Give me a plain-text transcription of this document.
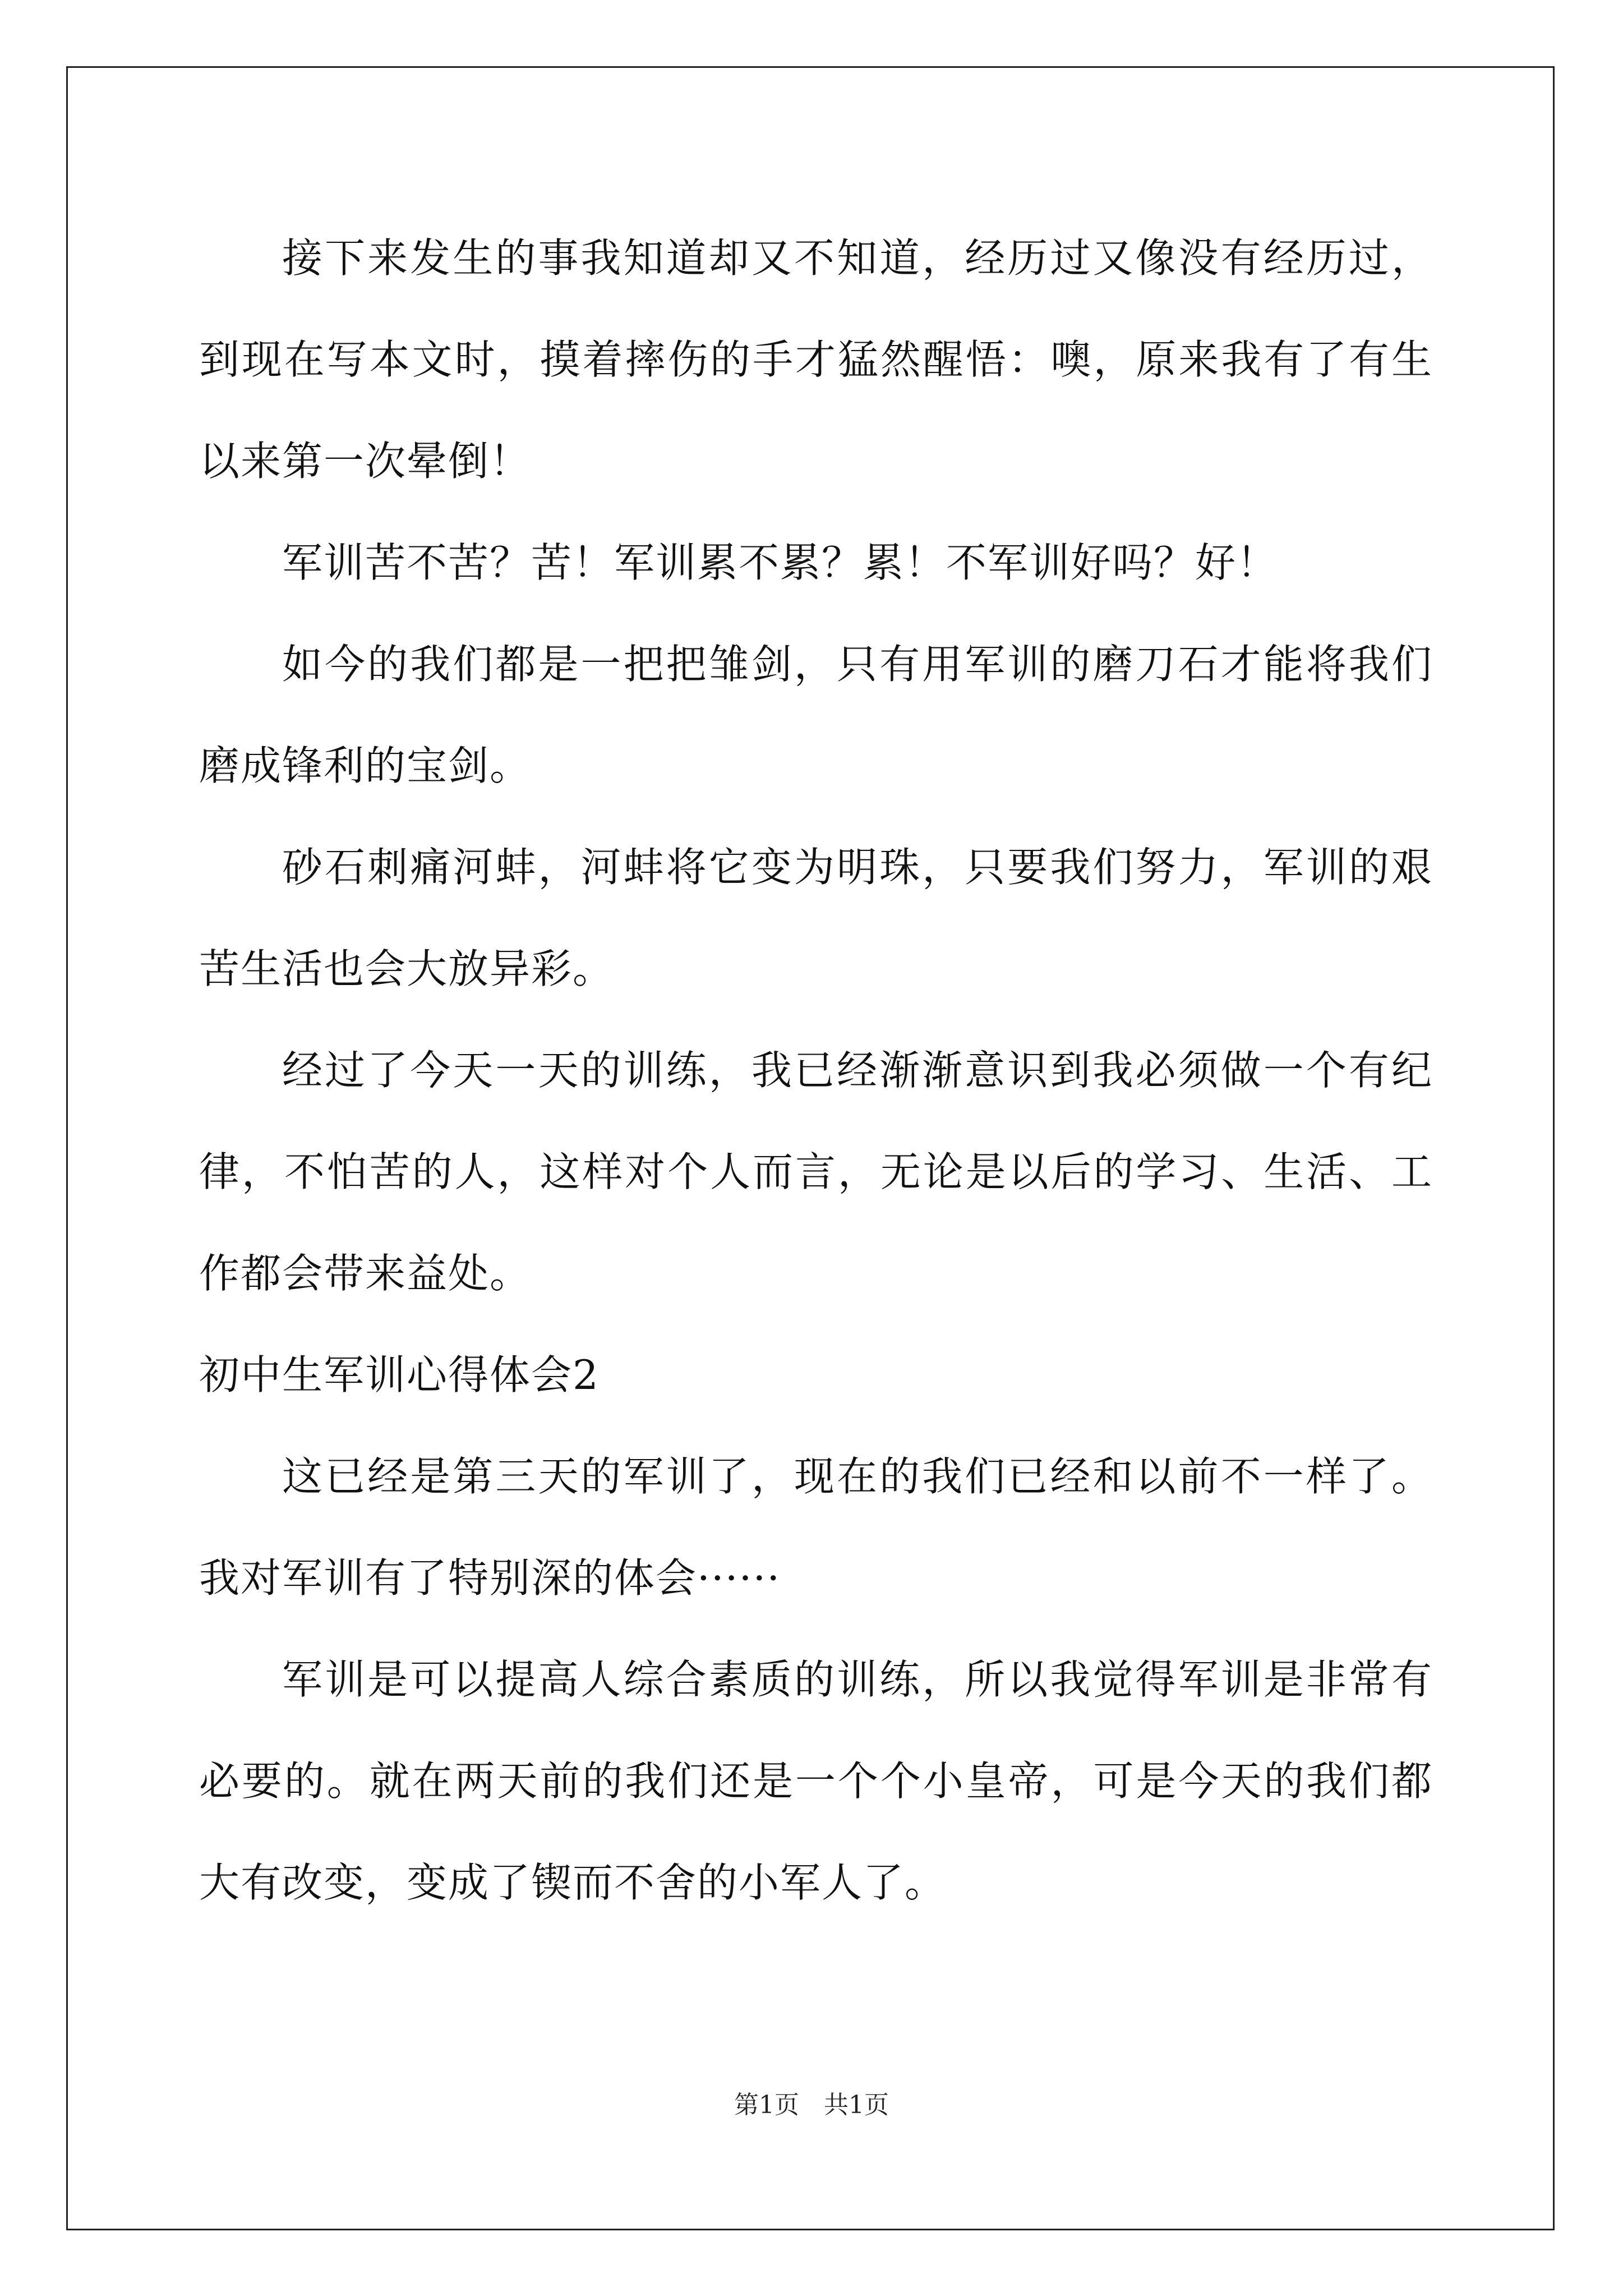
接下来发生的事我知道却又不知道，经历过又像没有经历过，到现在写本文时，摸着摔伤的手才猛然醒悟：噢，原来我有了有生以来第一次晕倒！

军训苦不苦？苦！军训累不累？累！不军训好吗？好！

如今的我们都是一把把雏剑，只有用军训的磨刀石才能将我们磨成锋利的宝剑。

砂石刺痛河蚌，河蚌将它变为明珠，只要我们努力，军训的艰苦生活也会大放异彩。

经过了今天一天的训练，我已经渐渐意识到我必须做一个有纪律，不怕苦的人，这样对个人而言，无论是以后的学习、生活、工作都会带来益处。

初中生军训心得体会2

这已经是第三天的军训了，现在的我们已经和以前不一样了。我对军训有了特别深的体会······

军训是可以提高人综合素质的训练，所以我觉得军训是非常有必要的。就在两天前的我们还是一个个小皇帝，可是今天的我们都大有改变，变成了锲而不舍的小军人了。

第1页　共1页
